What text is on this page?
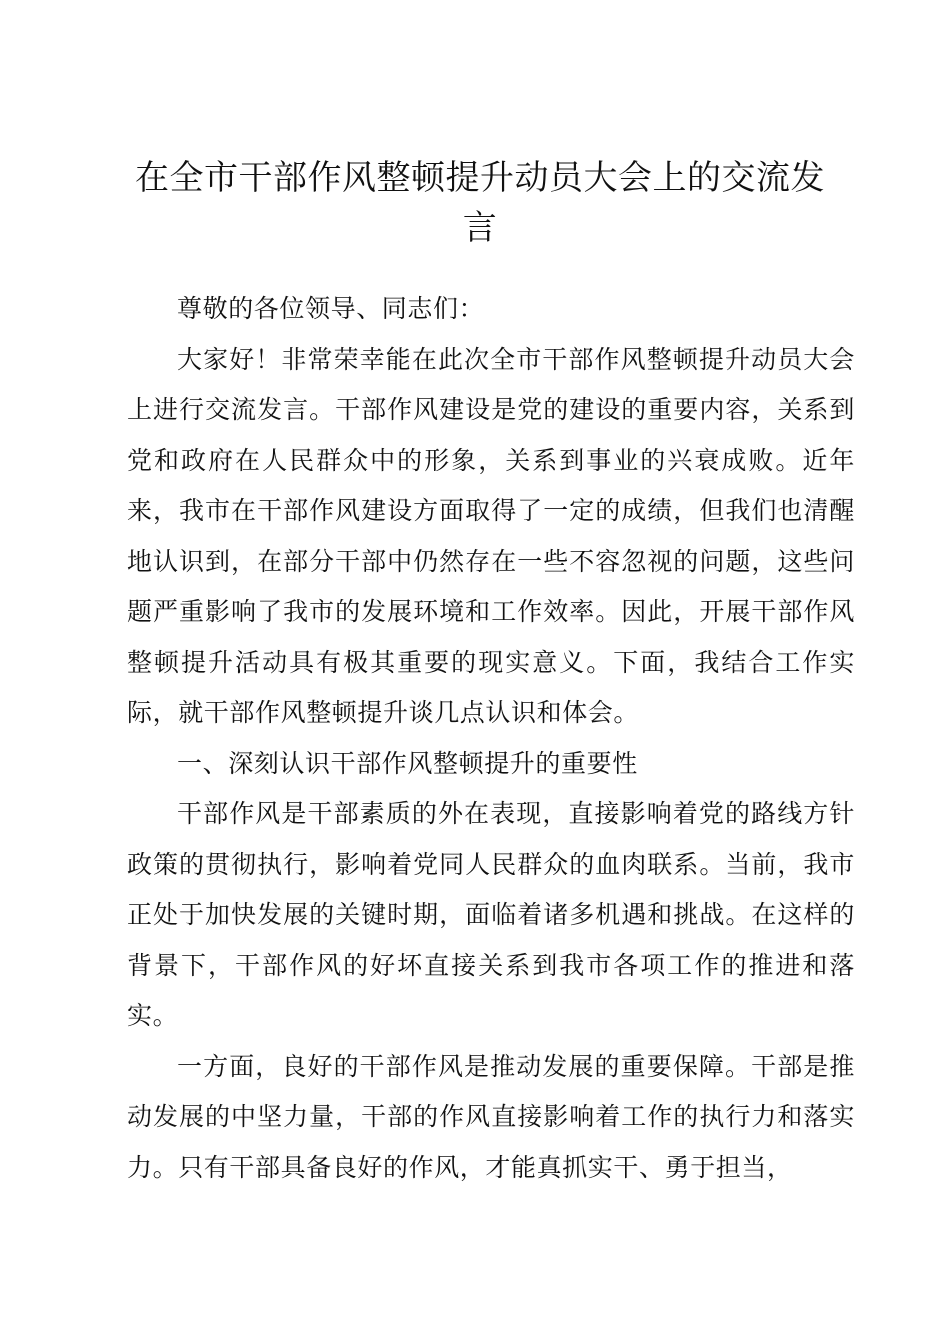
在全市干部作风整顿提升动员大会上的交流发言

尊敬的各位领导、同志们：

大家好！非常荣幸能在此次全市干部作风整顿提升动员大会上进行交流发言。干部作风建设是党的建设的重要内容，关系到党和政府在人民群众中的形象，关系到事业的兴衰成败。近年来，我市在干部作风建设方面取得了一定的成绩，但我们也清醒地认识到，在部分干部中仍然存在一些不容忽视的问题，这些问题严重影响了我市的发展环境和工作效率。因此，开展干部作风整顿提升活动具有极其重要的现实意义。下面，我结合工作实际，就干部作风整顿提升谈几点认识和体会。

一、深刻认识干部作风整顿提升的重要性

干部作风是干部素质的外在表现，直接影响着党的路线方针政策的贯彻执行，影响着党同人民群众的血肉联系。当前，我市正处于加快发展的关键时期，面临着诸多机遇和挑战。在这样的背景下，干部作风的好坏直接关系到我市各项工作的推进和落实。

一方面，良好的干部作风是推动发展的重要保障。干部是推动发展的中坚力量，干部的作风直接影响着工作的执行力和落实力。只有干部具备良好的作风，才能真抓实干、勇于担当，
